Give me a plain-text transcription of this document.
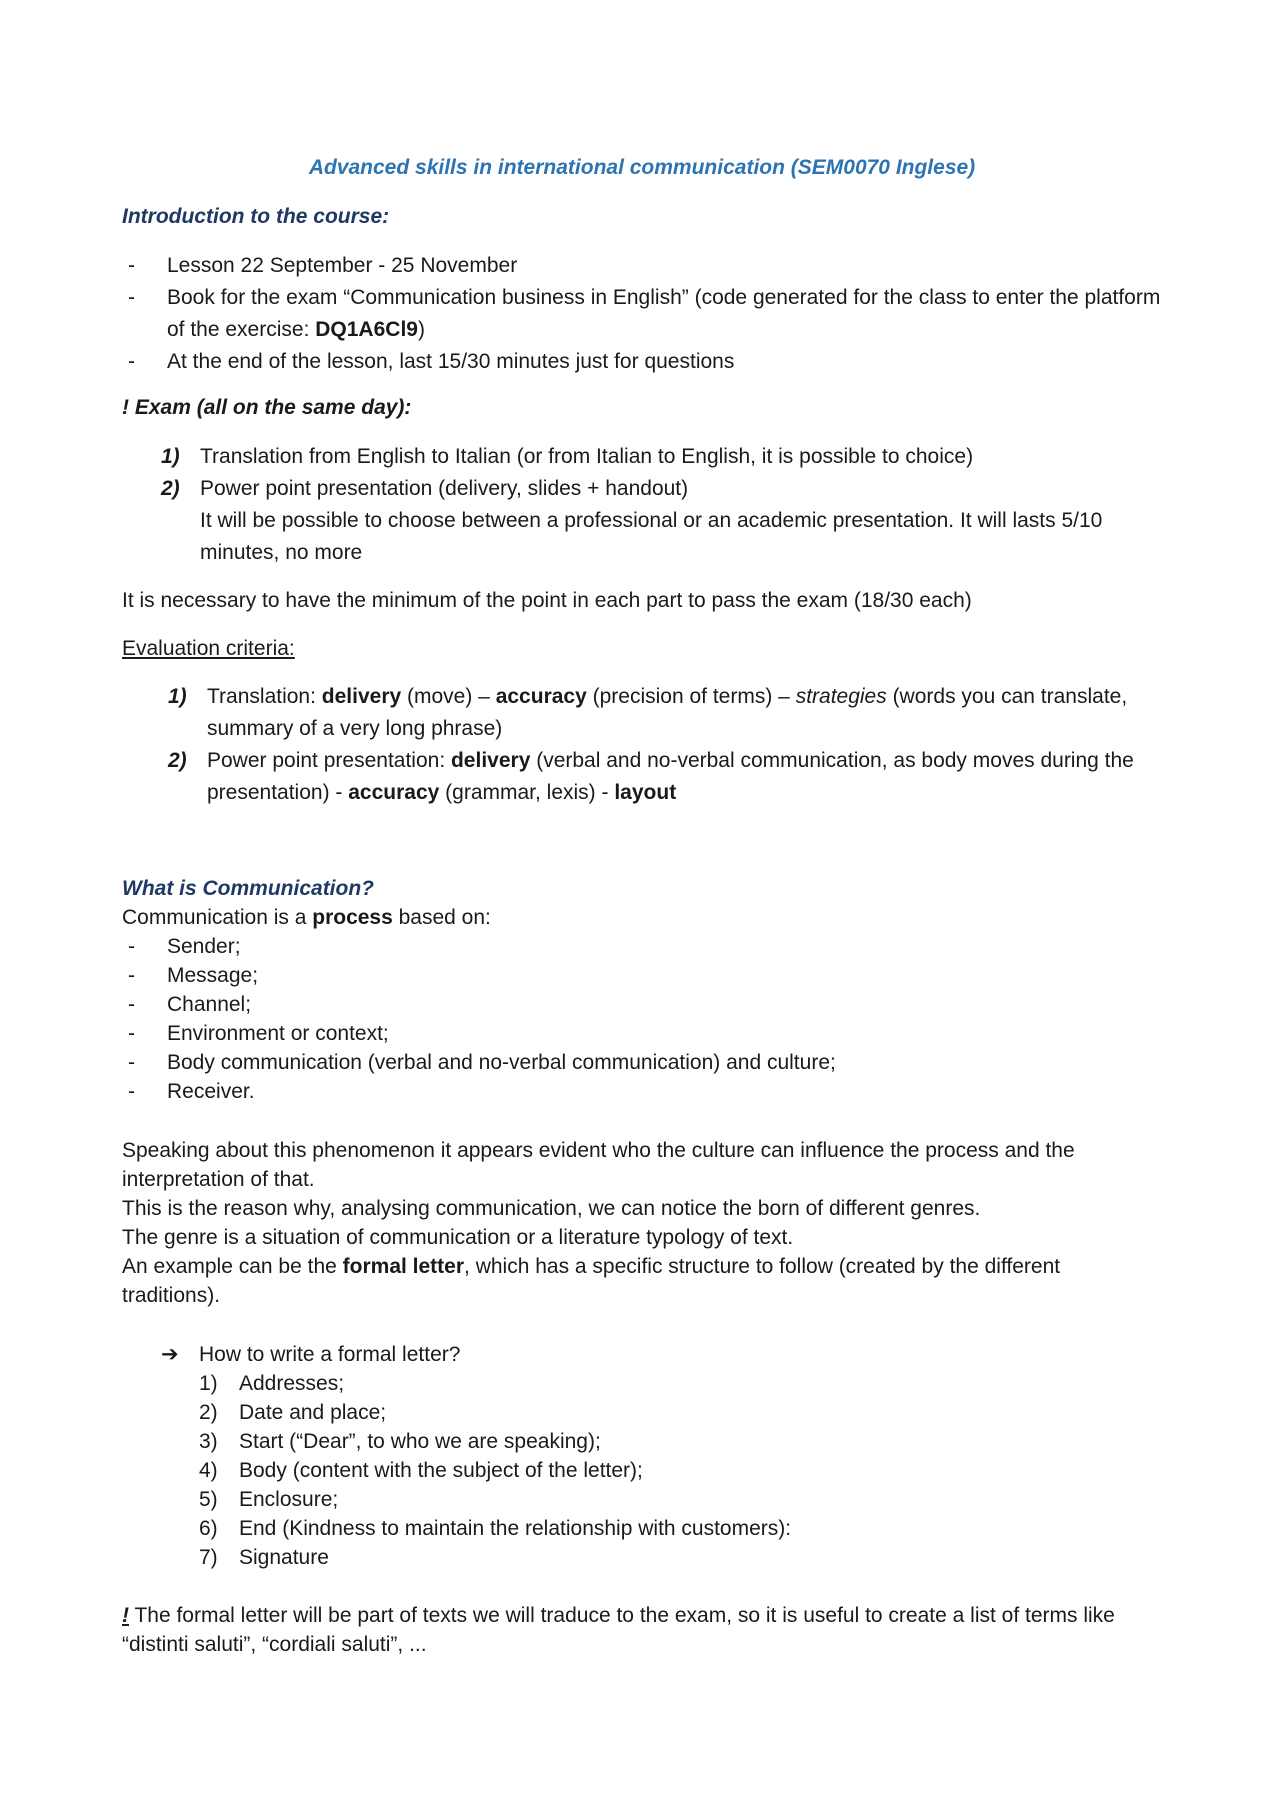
Advanced skills in international communication (SEM0070 Inglese)
Introduction to the course:
- Lesson 22 September - 25 November
- Book for the exam “Communication business in English” (code generated for the class to enter the platform of the exercise: DQ1A6Cl9)
- At the end of the lesson, last 15/30 minutes just for questions
! Exam (all on the same day):
1) Translation from English to Italian (or from Italian to English, it is possible to choice)
2) Power point presentation (delivery, slides + handout)
It will be possible to choose between a professional or an academic presentation. It will lasts 5/10 minutes, no more
It is necessary to have the minimum of the point in each part to pass the exam (18/30 each)
Evaluation criteria:
1) Translation: delivery (move) – accuracy (precision of terms) – strategies (words you can translate, summary of a very long phrase)
2) Power point presentation: delivery (verbal and no-verbal communication, as body moves during the presentation) - accuracy (grammar, lexis) - layout
What is Communication?
Communication is a process based on:
- Sender;
- Message;
- Channel;
- Environment or context;
- Body communication (verbal and no-verbal communication) and culture;
- Receiver.
Speaking about this phenomenon it appears evident who the culture can influence the process and the interpretation of that.
This is the reason why, analysing communication, we can notice the born of different genres.
The genre is a situation of communication or a literature typology of text.
An example can be the formal letter, which has a specific structure to follow (created by the different traditions).
➔ How to write a formal letter?
1) Addresses;
2) Date and place;
3) Start (“Dear”, to who we are speaking);
4) Body (content with the subject of the letter);
5) Enclosure;
6) End (Kindness to maintain the relationship with customers):
7) Signature
! The formal letter will be part of texts we will traduce to the exam, so it is useful to create a list of terms like “distinti saluti”, “cordiali saluti”, ...
